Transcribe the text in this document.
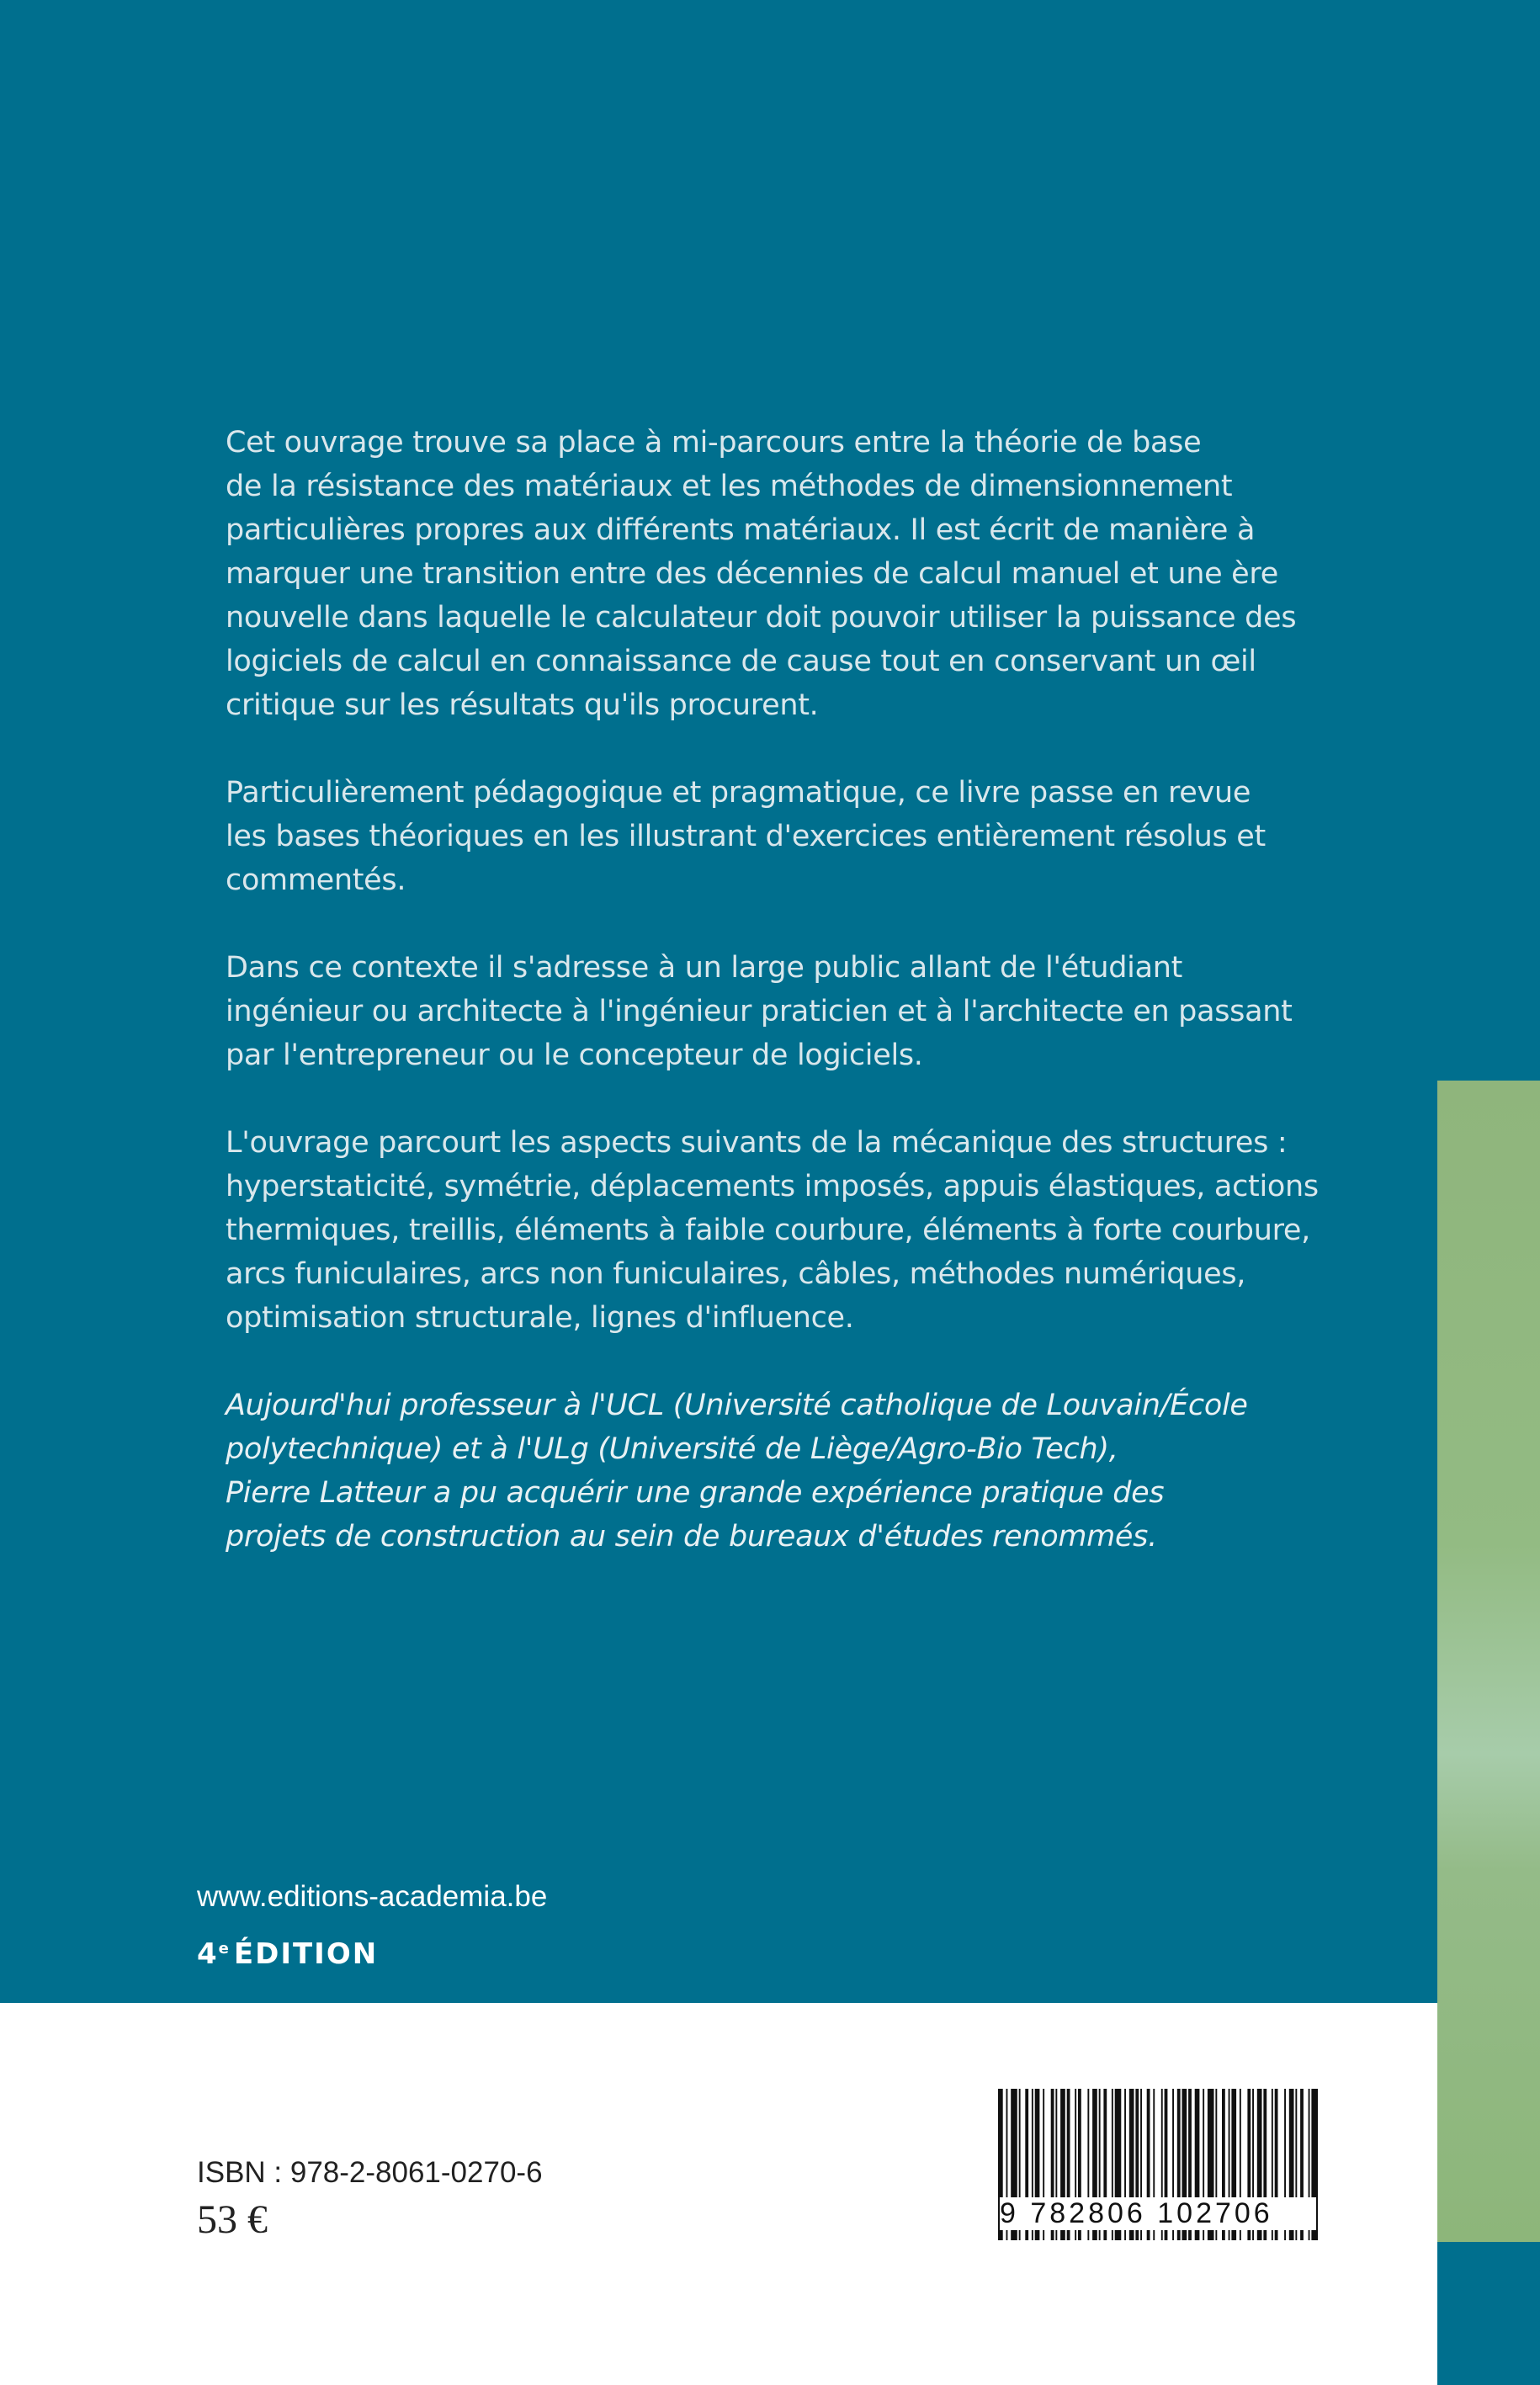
Cet ouvrage trouve sa place à mi-parcours entre la théorie de base
de la résistance des matériaux et les méthodes de dimensionnement
particulières propres aux différents matériaux. Il est écrit de manière à
marquer une transition entre des décennies de calcul manuel et une ère
nouvelle dans laquelle le calculateur doit pouvoir utiliser la puissance des
logiciels de calcul en connaissance de cause tout en conservant un œil
critique sur les résultats qu'ils procurent.

Particulièrement pédagogique et pragmatique, ce livre passe en revue
les bases théoriques en les illustrant d'exercices entièrement résolus et
commentés.

Dans ce contexte il s'adresse à un large public allant de l'étudiant
ingénieur ou architecte à l'ingénieur praticien et à l'architecte en passant
par l'entrepreneur ou le concepteur de logiciels.

L'ouvrage parcourt les aspects suivants de la mécanique des structures :
hyperstaticité, symétrie, déplacements imposés, appuis élastiques, actions
thermiques, treillis, éléments à faible courbure, éléments à forte courbure,
arcs funiculaires, arcs non funiculaires, câbles, méthodes numériques,
optimisation structurale, lignes d'influence.

Aujourd'hui professeur à l'UCL (Université catholique de Louvain/École
polytechnique) et à l'ULg (Université de Liège/Agro-Bio Tech),
Pierre Latteur a pu acquérir une grande expérience pratique des
projets de construction au sein de bureaux d'études renommés.

www.editions-academia.be
4e ÉDITION
ISBN : 978-2-8061-0270-6
53 €	9 782806 102706
